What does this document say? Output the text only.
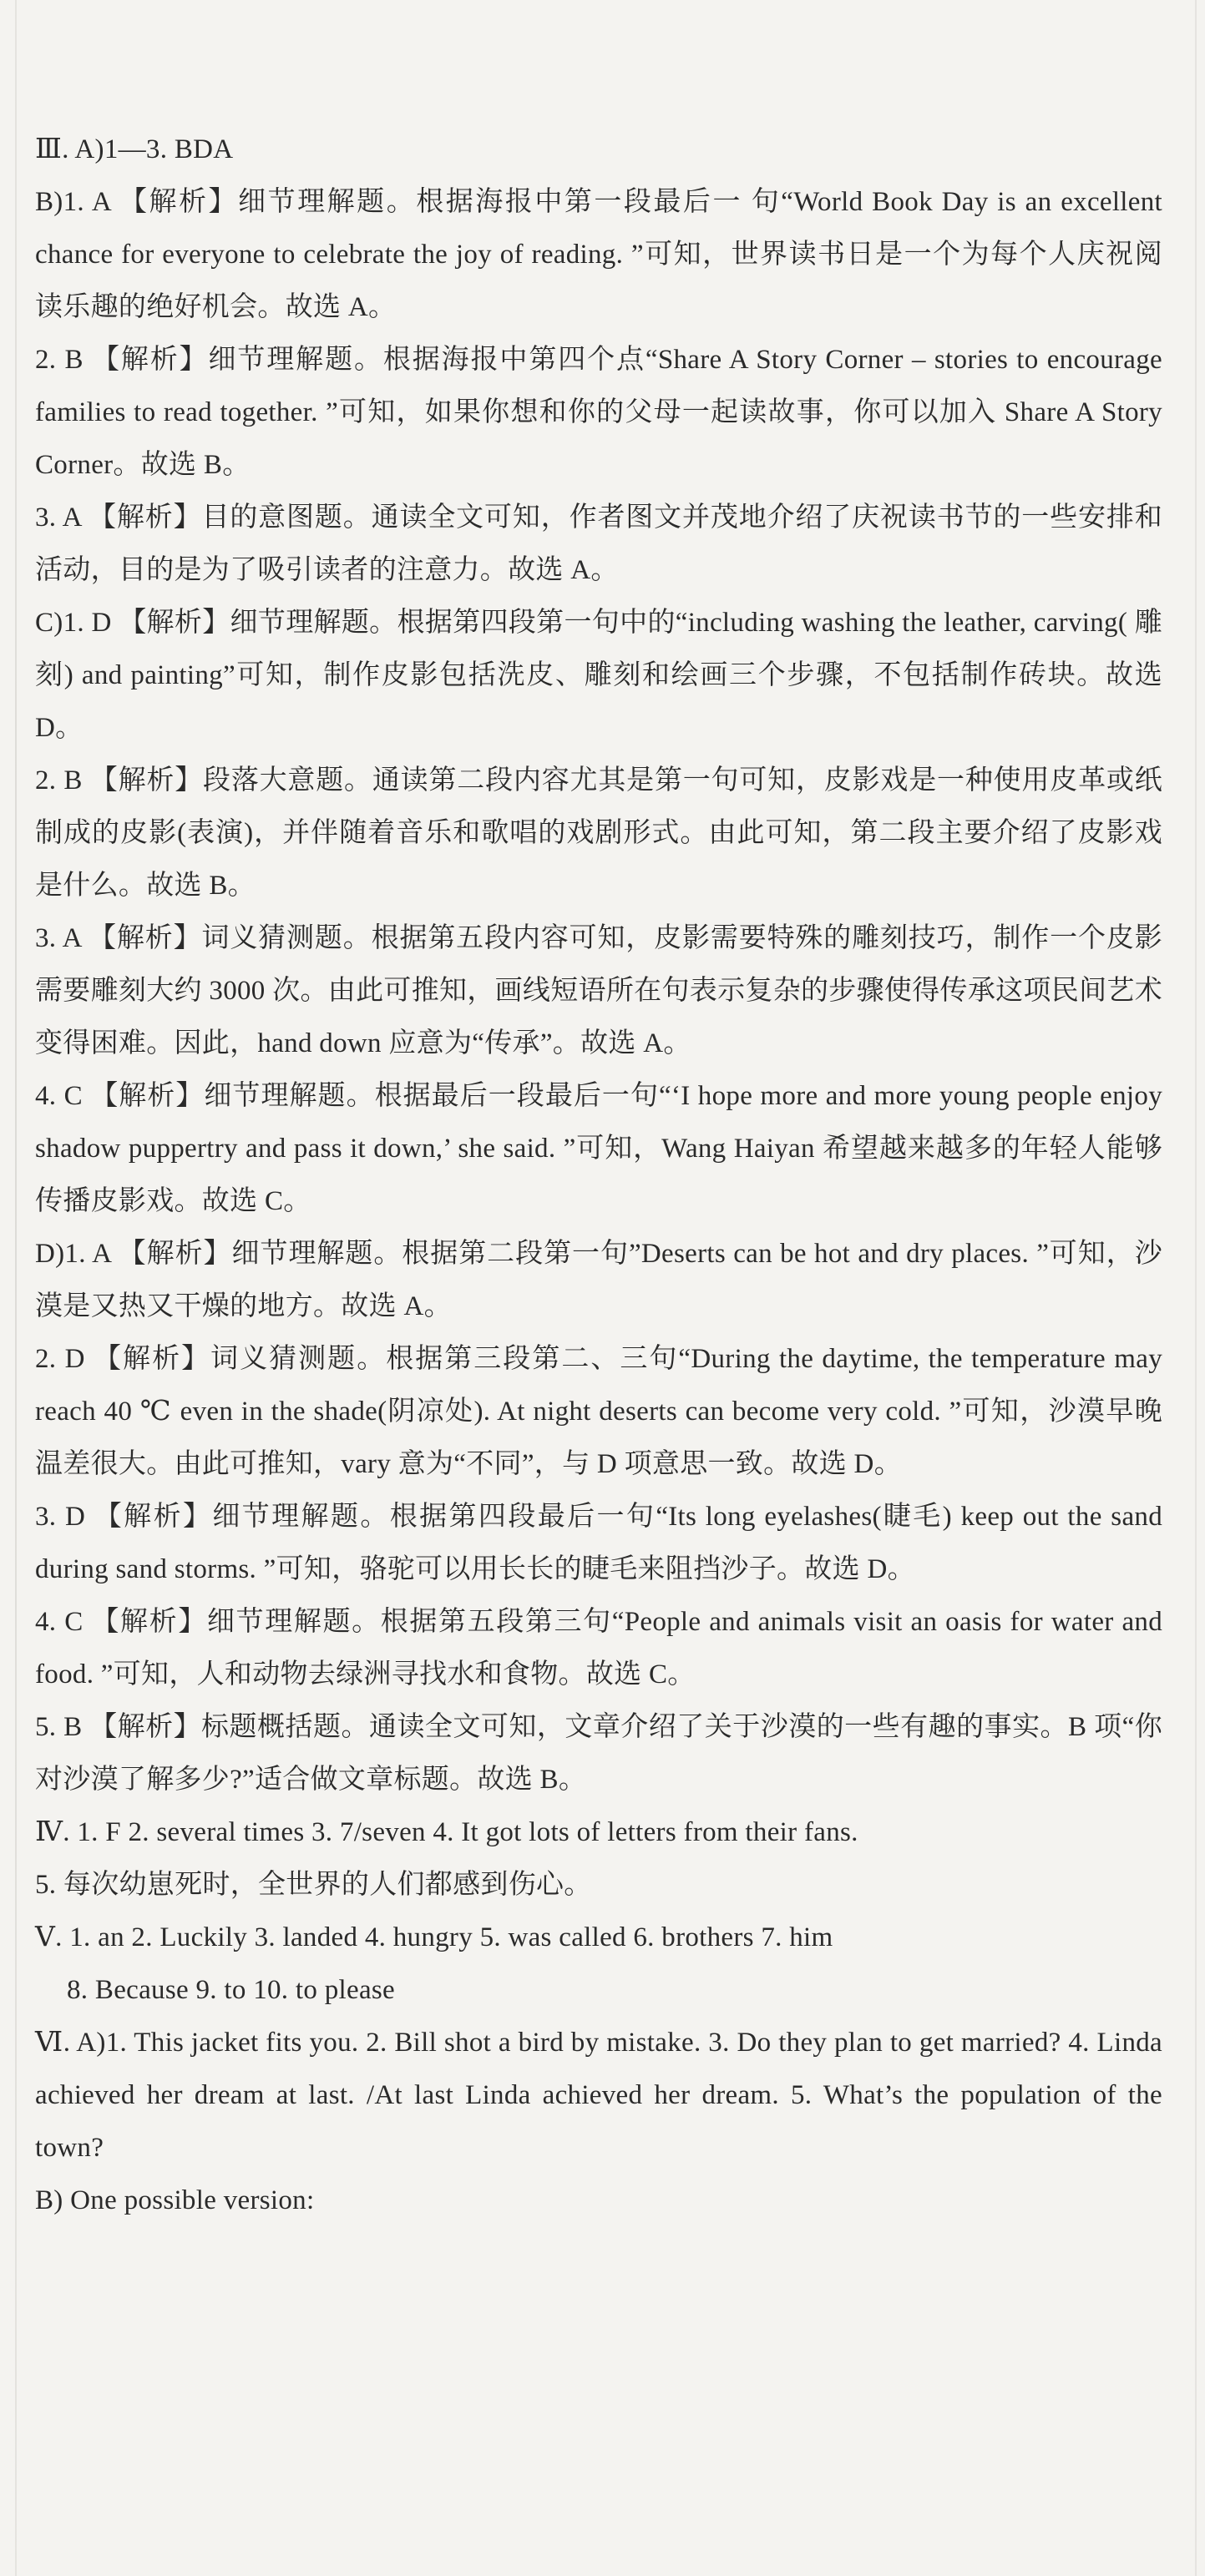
Ⅲ. A)1—3. BDA

B)1. A 【解析】细节理解题。根据海报中第一段最后一 句“World Book Day is an excellent chance for everyone to celebrate the joy of reading. ”可知，世界读书日是一个为每个人庆祝阅读乐趣的绝好机会。故选 A。

2. B 【解析】细节理解题。根据海报中第四个点“Share A Story Corner – stories to encourage families to read together. ”可知，如果你想和你的父母一起读故事，你可以加入 Share A Story Corner。故选 B。

3. A 【解析】目的意图题。通读全文可知，作者图文并茂地介绍了庆祝读书节的一些安排和活动，目的是为了吸引读者的注意力。故选 A。

C)1. D 【解析】细节理解题。根据第四段第一句中的“including washing the leather, carving( 雕刻) and painting”可知，制作皮影包括洗皮、雕刻和绘画三个步骤，不包括制作砖块。故选 D。

2. B 【解析】段落大意题。通读第二段内容尤其是第一句可知，皮影戏是一种使用皮革或纸制成的皮影(表演)，并伴随着音乐和歌唱的戏剧形式。由此可知，第二段主要介绍了皮影戏是什么。故选 B。

3. A 【解析】词义猜测题。根据第五段内容可知，皮影需要特殊的雕刻技巧，制作一个皮影需要雕刻大约 3000 次。由此可推知，画线短语所在句表示复杂的步骤使得传承这项民间艺术变得困难。因此，hand down 应意为“传承”。故选 A。

4. C 【解析】细节理解题。根据最后一段最后一句“‘I hope more and more young people enjoy shadow puppertry and pass it down,’ she said. ”可知，Wang Haiyan 希望越来越多的年轻人能够传播皮影戏。故选 C。

D)1. A 【解析】细节理解题。根据第二段第一句”Deserts can be hot and dry places. ”可知，沙漠是又热又干燥的地方。故选 A。

2. D 【解析】词义猜测题。根据第三段第二、三句“During the daytime, the temperature may reach 40 ℃ even in the shade(阴凉处). At night deserts can become very cold. ”可知，沙漠早晚温差很大。由此可推知，vary 意为“不同”，与 D 项意思一致。故选 D。

3. D 【解析】细节理解题。根据第四段最后一句“Its long eyelashes(睫毛) keep out the sand during sand storms. ”可知，骆驼可以用长长的睫毛来阻挡沙子。故选 D。

4. C 【解析】细节理解题。根据第五段第三句“People and animals visit an oasis for water and food. ”可知，人和动物去绿洲寻找水和食物。故选 C。

5. B 【解析】标题概括题。通读全文可知，文章介绍了关于沙漠的一些有趣的事实。B 项“你对沙漠了解多少?”适合做文章标题。故选 B。

Ⅳ. 1. F 2. several times 3. 7/seven 4. It got lots of letters from their fans.

5. 每次幼崽死时，全世界的人们都感到伤心。

Ⅴ. 1. an 2. Luckily 3. landed 4. hungry 5. was called 6. brothers 7. him

8. Because 9. to 10. to please

Ⅵ. A)1. This jacket fits you. 2. Bill shot a bird by mistake. 3. Do they plan to get married? 4. Linda achieved her dream at last. /At last Linda achieved her dream. 5. What’s the population of the town?

B) One possible version:
